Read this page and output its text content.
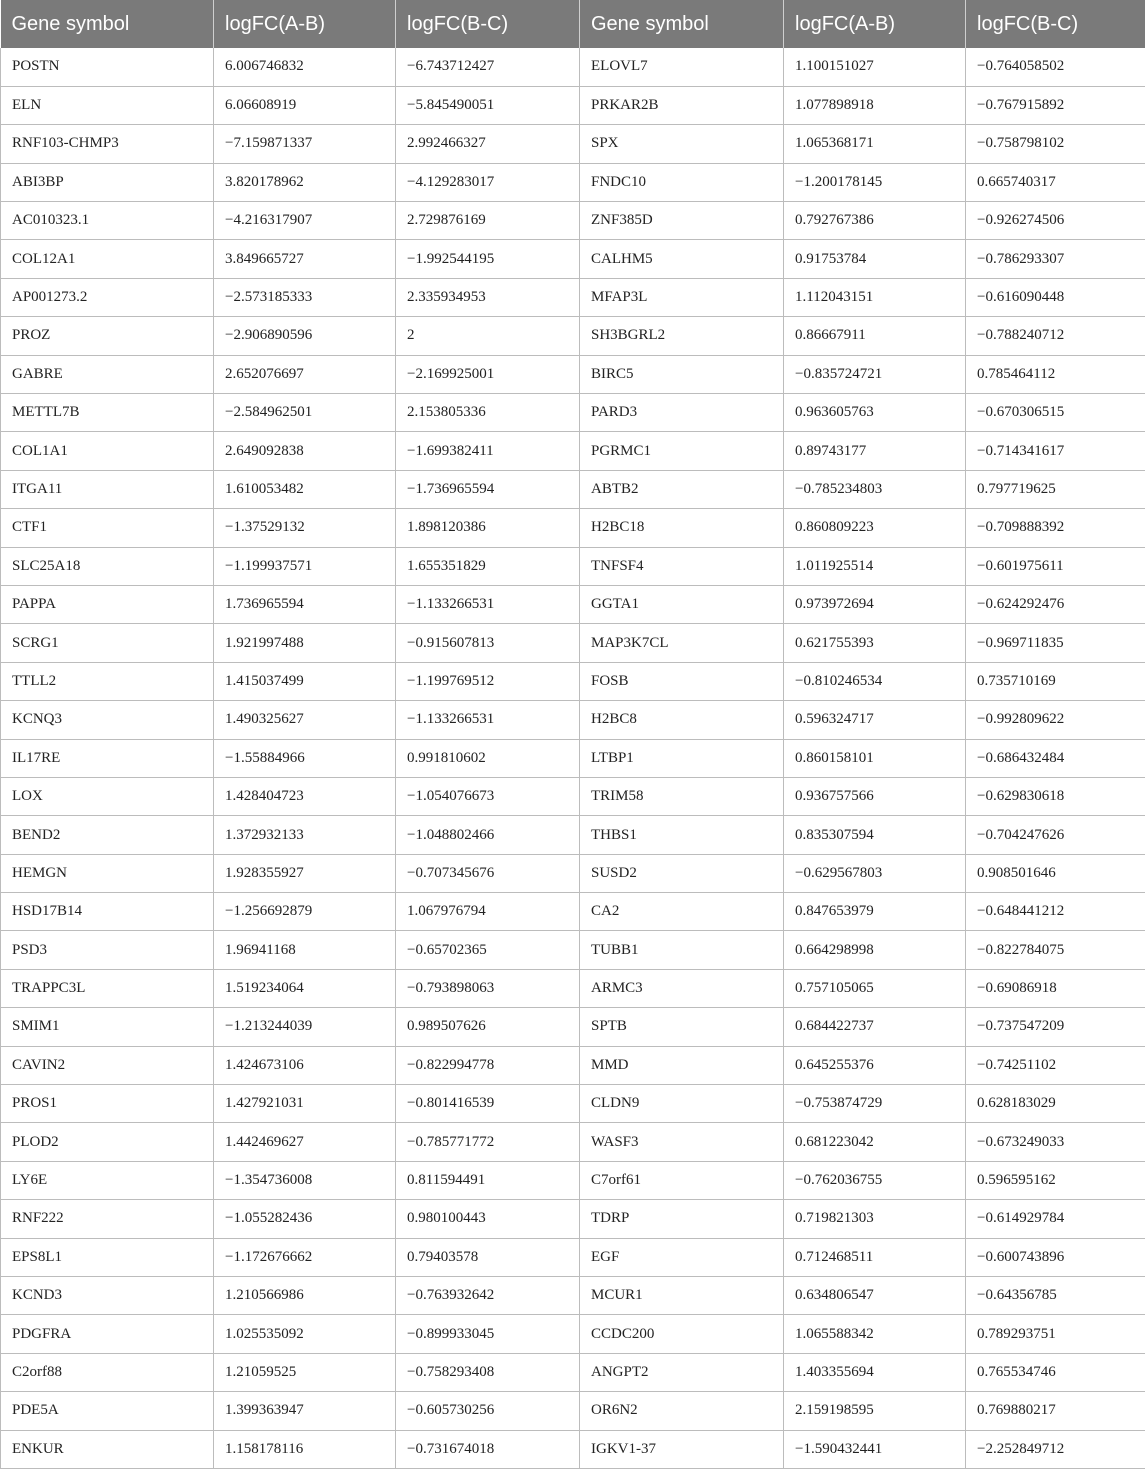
Gene symbol	logFC(A-B)	logFC(B-C)	Gene symbol	logFC(A-B)	logFC(B-C)
POSTN	6.006746832	−6.743712427	ELOVL7	1.100151027	−0.764058502
ELN	6.06608919	−5.845490051	PRKAR2B	1.077898918	−0.767915892
RNF103-CHMP3	−7.159871337	2.992466327	SPX	1.065368171	−0.758798102
ABI3BP	3.820178962	−4.129283017	FNDC10	−1.200178145	0.665740317
AC010323.1	−4.216317907	2.729876169	ZNF385D	0.792767386	−0.926274506
COL12A1	3.849665727	−1.992544195	CALHM5	0.91753784	−0.786293307
AP001273.2	−2.573185333	2.335934953	MFAP3L	1.112043151	−0.616090448
PROZ	−2.906890596	2	SH3BGRL2	0.86667911	−0.788240712
GABRE	2.652076697	−2.169925001	BIRC5	−0.835724721	0.785464112
METTL7B	−2.584962501	2.153805336	PARD3	0.963605763	−0.670306515
COL1A1	2.649092838	−1.699382411	PGRMC1	0.89743177	−0.714341617
ITGA11	1.610053482	−1.736965594	ABTB2	−0.785234803	0.797719625
CTF1	−1.37529132	1.898120386	H2BC18	0.860809223	−0.709888392
SLC25A18	−1.199937571	1.655351829	TNFSF4	1.011925514	−0.601975611
PAPPA	1.736965594	−1.133266531	GGTA1	0.973972694	−0.624292476
SCRG1	1.921997488	−0.915607813	MAP3K7CL	0.621755393	−0.969711835
TTLL2	1.415037499	−1.199769512	FOSB	−0.810246534	0.735710169
KCNQ3	1.490325627	−1.133266531	H2BC8	0.596324717	−0.992809622
IL17RE	−1.55884966	0.991810602	LTBP1	0.860158101	−0.686432484
LOX	1.428404723	−1.054076673	TRIM58	0.936757566	−0.629830618
BEND2	1.372932133	−1.048802466	THBS1	0.835307594	−0.704247626
HEMGN	1.928355927	−0.707345676	SUSD2	−0.629567803	0.908501646
HSD17B14	−1.256692879	1.067976794	CA2	0.847653979	−0.648441212
PSD3	1.96941168	−0.65702365	TUBB1	0.664298998	−0.822784075
TRAPPC3L	1.519234064	−0.793898063	ARMC3	0.757105065	−0.69086918
SMIM1	−1.213244039	0.989507626	SPTB	0.684422737	−0.737547209
CAVIN2	1.424673106	−0.822994778	MMD	0.645255376	−0.74251102
PROS1	1.427921031	−0.801416539	CLDN9	−0.753874729	0.628183029
PLOD2	1.442469627	−0.785771772	WASF3	0.681223042	−0.673249033
LY6E	−1.354736008	0.811594491	C7orf61	−0.762036755	0.596595162
RNF222	−1.055282436	0.980100443	TDRP	0.719821303	−0.614929784
EPS8L1	−1.172676662	0.79403578	EGF	0.712468511	−0.600743896
KCND3	1.210566986	−0.763932642	MCUR1	0.634806547	−0.64356785
PDGFRA	1.025535092	−0.899933045	CCDC200	1.065588342	0.789293751
C2orf88	1.21059525	−0.758293408	ANGPT2	1.403355694	0.765534746
PDE5A	1.399363947	−0.605730256	OR6N2	2.159198595	0.769880217
ENKUR	1.158178116	−0.731674018	IGKV1-37	−1.590432441	−2.252849712
